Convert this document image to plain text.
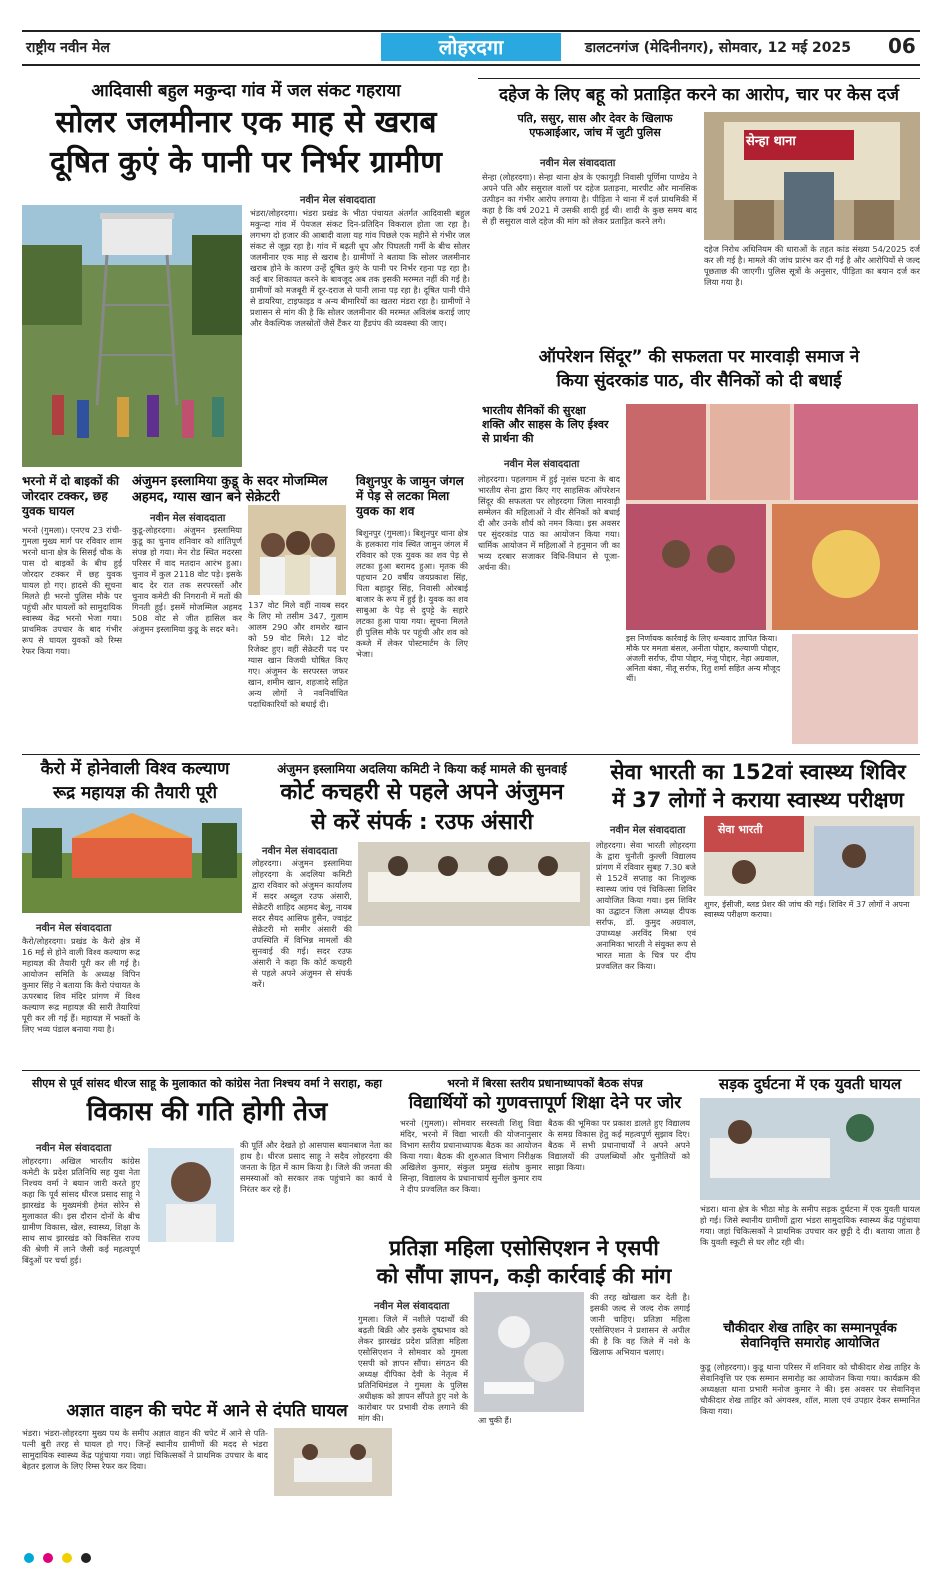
राष्ट्रीय नवीन मेल	लोहरदगा	डालटनगंज (मेदिनीनगर), सोमवार, 12 मई 2025 06
आदिवासी बहुल मकुन्दा गांव में जल संकट गहराया
सोलर जलमीनार एक माह से खराब
दूषित कुएं के पानी पर निर्भर ग्रामीण
नवीन मेल संवाददाता
भंडरा/लोहरदगा। भंडरा प्रखंड के भीठा पंचायत अंतर्गत आदिवासी बहुल मकुन्दा गांव में पेयजल संकट दिन-प्रतिदिन विकराल होता जा रहा है। लगभग दो हजार की आबादी वाला यह गांव पिछले एक महीने से गंभीर जल संकट से जूझ रहा है। गांव में बढ़ती धूप और पिघलती गर्मी के बीच सोलर जलमीनार एक माह से खराब है। ग्रामीणों ने बताया कि सोलर जलमीनार खराब होने के कारण उन्हें दूषित कुएं के पानी पर निर्भर रहना पड़ रहा है। कई बार शिकायत करने के बावजूद अब तक इसकी मरम्मत नहीं की गई है। ग्रामीणों को मजबूरी में दूर-दराज से पानी लाना पड़ रहा है। दूषित पानी पीने से डायरिया, टाइफाइड व अन्य बीमारियों का खतरा मंडरा रहा है। ग्रामीणों ने प्रशासन से मांग की है कि सोलर जलमीनार की मरम्मत अविलंब कराई जाए और वैकल्पिक जलस्रोतों जैसे टैंकर या हैंडपंप की व्यवस्था की जाए।
भरनो में दो बाइकों की जोरदार टक्कर, छह युवक घायल
भरनो (गुमला)। एनएच 23 रांची-गुमला मुख्य मार्ग पर रविवार शाम भरनो थाना क्षेत्र के सिसई चौक के पास दो बाइकों के बीच हुई जोरदार टक्कर में छह युवक घायल हो गए। हादसे की सूचना मिलते ही भरनो पुलिस मौके पर पहुंची और घायलों को सामुदायिक स्वास्थ्य केंद्र भरनो भेजा गया। प्राथमिक उपचार के बाद गंभीर रूप से घायल युवकों को रिम्स रेफर किया गया।
अंजुमन इस्लामिया कुडू के सदर मोजम्मिल अहमद, ग्यास खान बने सेक्रेटरी
नवीन मेल संवाददाता
कुडू-लोहरदगा। अंजुमन इस्लामिया कुडू का चुनाव शनिवार को शांतिपूर्ण संपन्न हो गया। मेन रोड स्थित मदरसा परिसर में वाद मतदान आरंभ हुआ। चुनाव में कुल 2118 वोट पड़े। इसके बाद देर रात तक सरपरस्तों और चुनाव कमेटी की निगरानी में मतों की गिनती हुई। इसमें मोजम्मिल अहमद 508 वोट से जीत हासिल कर अंजुमन इस्लामिया कुडू के सदर बने।
137 वोट मिले वहीं नायब सदर के लिए मो तसीम 347, गुलाम आलम 290 और शमशेर खान को 59 वोट मिले। 12 वोट रिजेक्ट हुए। वहीं सेक्रेटरी पद पर ग्यास खान विजयी घोषित किए गए। अंजुमन के सरपरस्त जफर खान, शमीम खान, शहजादे सहित अन्य लोगों ने नवनिर्वाचित पदाधिकारियों को बधाई दी।
विशुनपुर के जामुन जंगल में पेड़ से लटका मिला युवक का शव
बिशुनपुर (गुमला)। बिशुनपुर थाना क्षेत्र के हलकारा गांव स्थित जामुन जंगल में रविवार को एक युवक का शव पेड़ से लटका हुआ बरामद हुआ। मृतक की पहचान 20 वर्षीय जयप्रकाश सिंह, पिता बहादुर सिंह, निवासी ओरबाई बाजार के रूप में हुई है। युवक का शव साबुआ के पेड़ से दुपट्टे के सहारे लटका हुआ पाया गया। सूचना मिलते ही पुलिस मौके पर पहुंची और शव को कब्जे में लेकर पोस्टमार्टम के लिए भेजा।
दहेज के लिए बहू को प्रताड़ित करने का आरोप, चार पर केस दर्ज
पति, ससुर, सास और देवर के खिलाफ एफआईआर, जांच में जुटी पुलिस
नवीन मेल संवाददाता
सेन्हा (लोहरदगा)। सेन्हा थाना क्षेत्र के एकागुड़ी निवासी पूर्णिमा पाण्डेय ने अपने पति और ससुराल वालों पर दहेज प्रताड़ना, मारपीट और मानसिक उत्पीड़न का गंभीर आरोप लगाया है। पीड़िता ने थाना में दर्ज प्राथमिकी में कहा है कि वर्ष 2021 में उसकी शादी हुई थी। शादी के कुछ समय बाद से ही ससुराल वाले दहेज की मांग को लेकर प्रताड़ित करने लगे।
सेन्हा थाना
दहेज निरोध अधिनियम की धाराओं के तहत कांड संख्या 54/2025 दर्ज कर ली गई है। मामले की जांच प्रारंभ कर दी गई है और आरोपियों से जल्द पूछताछ की जाएगी। पुलिस सूत्रों के अनुसार, पीड़िता का बयान दर्ज कर लिया गया है।
ऑपरेशन सिंदूर” की सफलता पर मारवाड़ी समाज ने
किया सुंदरकांड पाठ, वीर सैनिकों को दी बधाई
भारतीय सैनिकों की सुरक्षा शक्ति और साहस के लिए ईश्वर से प्रार्थना की
नवीन मेल संवाददाता
लोहरदगा। पहलगाम में हुई नृशंस घटना के बाद भारतीय सेना द्वारा किए गए साहसिक ऑपरेशन सिंदूर की सफलता पर लोहरदगा जिला मारवाड़ी सम्मेलन की महिलाओं ने वीर सैनिकों को बधाई दी और उनके शौर्य को नमन किया। इस अवसर पर सुंदरकांड पाठ का आयोजन किया गया। धार्मिक आयोजन में महिलाओं ने हनुमान जी का भव्य दरबार सजाकर विधि-विधान से पूजा-अर्चना की।
इस निर्णायक कार्रवाई के लिए धन्यवाद ज्ञापित किया। मौके पर ममता बंसल, अनीता पोद्दार, कल्याणी पोद्दार, अंजली सर्राफ, दीपा पोद्दार, मंजू पोद्दार, नेहा अग्रवाल, अनिता बंका, नीतू सर्राफ, रितु शर्मा सहित अन्य मौजूद थीं।
कैरो में होनेवाली विश्व कल्याण
रूद्र महायज्ञ की तैयारी पूरी
नवीन मेल संवाददाता
कैरो/लोहरदगा। प्रखंड के कैरो क्षेत्र में 16 मई से होने वाली विश्व कल्याण रूद्र महायज्ञ की तैयारी पूरी कर ली गई है। आयोजन समिति के अध्यक्ष विपिन कुमार सिंह ने बताया कि कैरो पंचायत के ऊपरबाद शिव मंदिर प्रांगण में विश्व कल्याण रूद्र महायज्ञ की सारी तैयारियां पूरी कर ली गई हैं। महायज्ञ में भक्तों के लिए भव्य पंडाल बनाया गया है।
अंजुमन इस्लामिया अदलिया कमिटी ने किया कई मामले की सुनवाई
कोर्ट कचहरी से पहले अपने अंजुमन
से करें संपर्क : रउफ अंसारी
नवीन मेल संवाददाता
लोहरदगा। अंजुमन इस्लामिया लोहरदगा के अदलिया कमिटी द्वारा रविवार को अंजुमन कार्यालय में सदर अब्दुल रउफ अंसारी, सेक्रेटरी शाहिद अहमद बेलू, नायब सदर सैयद आसिफ हुसैन, ज्वाइंट सेक्रेटरी मो समीर अंसारी की उपस्थिति में विभिन्न मामलों की सुनवाई की गई। सदर रउफ अंसारी ने कहा कि कोर्ट कचहरी से पहले अपने अंजुमन से संपर्क करें।
सेवा भारती का 152वां स्वास्थ्य शिविर
में 37 लोगों ने कराया स्वास्थ्य परीक्षण
नवीन मेल संवाददाता
लोहरदगा। सेवा भारती लोहरदगा के द्वारा चुनौती कुल्ली विद्यालय प्रांगण में रविवार सुबह 7.30 बजे से 152वें सप्ताह का निःशुल्क स्वास्थ्य जांच एवं चिकित्सा शिविर आयोजित किया गया। इस शिविर का उद्घाटन जिला अध्यक्ष दीपक सर्राफ, डॉ. कुमुद अग्रवाल, उपाध्यक्ष अरविंद मिश्रा एवं अनामिका भारती ने संयुक्त रूप से भारत माता के चित्र पर दीप प्रज्वलित कर किया।
सेवा भारती
शुगर, ईसीजी, ब्लड प्रेशर की जांच की गई। शिविर में 37 लोगों ने अपना स्वास्थ्य परीक्षण कराया।
सीएम से पूर्व सांसद धीरज साहू के मुलाकात को कांग्रेस नेता निश्चय वर्मा ने सराहा, कहा
विकास की गति होगी तेज
नवीन मेल संवाददाता
लोहरदगा। अखिल भारतीय कांग्रेस कमेटी के प्रदेश प्रतिनिधि सह युवा नेता निश्चय वर्मा ने बयान जारी करते हुए कहा कि पूर्व सांसद धीरज प्रसाद साहू ने झारखंड के मुख्यमंत्री हेमंत सोरेन से मुलाकात की। इस दौरान दोनों के बीच ग्रामीण विकास, खेल, स्वास्थ्य, शिक्षा के साथ साथ झारखंड को विकसित राज्य की श्रेणी में लाने जैसी कई महत्वपूर्ण बिंदुओं पर चर्चा हुई।
की पूर्ति और देखते हो आसपास बयानबाज नेता का हाथ है। धीरज प्रसाद साहू ने सदैव लोहरदगा की जनता के हित में काम किया है। जिले की जनता की समस्याओं को सरकार तक पहुंचाने का कार्य वे निरंतर कर रहे हैं।
अज्ञात वाहन की चपेट में आने से दंपति घायल
भंडरा। भंडरा-लोहरदगा मुख्य पथ के समीप अज्ञात वाहन की चपेट में आने से पति-पत्नी बुरी तरह से घायल हो गए। जिन्हें स्थानीय ग्रामीणों की मदद से भंडरा सामुदायिक स्वास्थ्य केंद्र पहुंचाया गया। जहां चिकित्सकों ने प्राथमिक उपचार के बाद बेहतर इलाज के लिए रिम्स रेफर कर दिया।
भरनो में बिरसा स्तरीय प्रधानाध्यापकों बैठक संपन्न
विद्यार्थियों को गुणवत्तापूर्ण शिक्षा देने पर जोर
भरनो (गुमला)। सोमवार सरस्वती शिशु विद्या मंदिर, भरनो में विद्या भारती की योजनानुसार विभाग स्तरीय प्रधानाध्यापक बैठक का आयोजन किया गया। बैठक की शुरुआत विभाग निरीक्षक अखिलेश कुमार, संकुल प्रमुख संतोष कुमार सिन्हा, विद्यालय के प्रधानाचार्य सुनील कुमार राय ने दीप प्रज्वलित कर किया।
बैठक की भूमिका पर प्रकाश डालते हुए विद्यालय के समग्र विकास हेतु कई महत्वपूर्ण सुझाव दिए। बैठक में सभी प्रधानाचार्यों ने अपने अपने विद्यालयों की उपलब्धियों और चुनौतियों को साझा किया।
प्रतिज्ञा महिला एसोसिएशन ने एसपी
को सौंपा ज्ञापन, कड़ी कार्रवाई की मांग
नवीन मेल संवाददाता
गुमला। जिले में नशीले पदार्थों की बढ़ती बिक्री और इसके दुष्प्रभाव को लेकर झारखंड प्रदेश प्रतिज्ञा महिला एसोसिएशन ने सोमवार को गुमला एसपी को ज्ञापन सौंपा। संगठन की अध्यक्ष दीपिका देवी के नेतृत्व में प्रतिनिधिमंडल ने गुमला के पुलिस अधीक्षक को ज्ञापन सौंपते हुए नशे के कारोबार पर प्रभावी रोक लगाने की मांग की।	आ चुकी हैं।
की तरह खोखला कर देती है। इसकी जल्द से जल्द रोक लगाई जानी चाहिए। प्रतिज्ञा महिला एसोसिएशन ने प्रशासन से अपील की है कि वह जिले में नशे के खिलाफ अभियान चलाए।
सड़क दुर्घटना में एक युवती घायल
भंडरा। थाना क्षेत्र के भीठा मोड़ के समीप सड़क दुर्घटना में एक युवती घायल हो गई। जिसे स्थानीय ग्रामीणों द्वारा भंडरा सामुदायिक स्वास्थ्य केंद्र पहुंचाया गया। जहां चिकित्सकों ने प्राथमिक उपचार कर छुट्टी दे दी। बताया जाता है कि युवती स्कूटी से घर लौट रही थी।
चौकीदार शेख ताहिर का सम्मानपूर्वक सेवानिवृत्ति समारोह आयोजित
कुडू (लोहरदगा)। कुडू थाना परिसर में शनिवार को चौकीदार शेख ताहिर के सेवानिवृत्ति पर एक सम्मान समारोह का आयोजन किया गया। कार्यक्रम की अध्यक्षता थाना प्रभारी मनोज कुमार ने की। इस अवसर पर सेवानिवृत्त चौकीदार शेख ताहिर को अंगवस्त्र, शॉल, माला एवं उपहार देकर सम्मानित किया गया।
